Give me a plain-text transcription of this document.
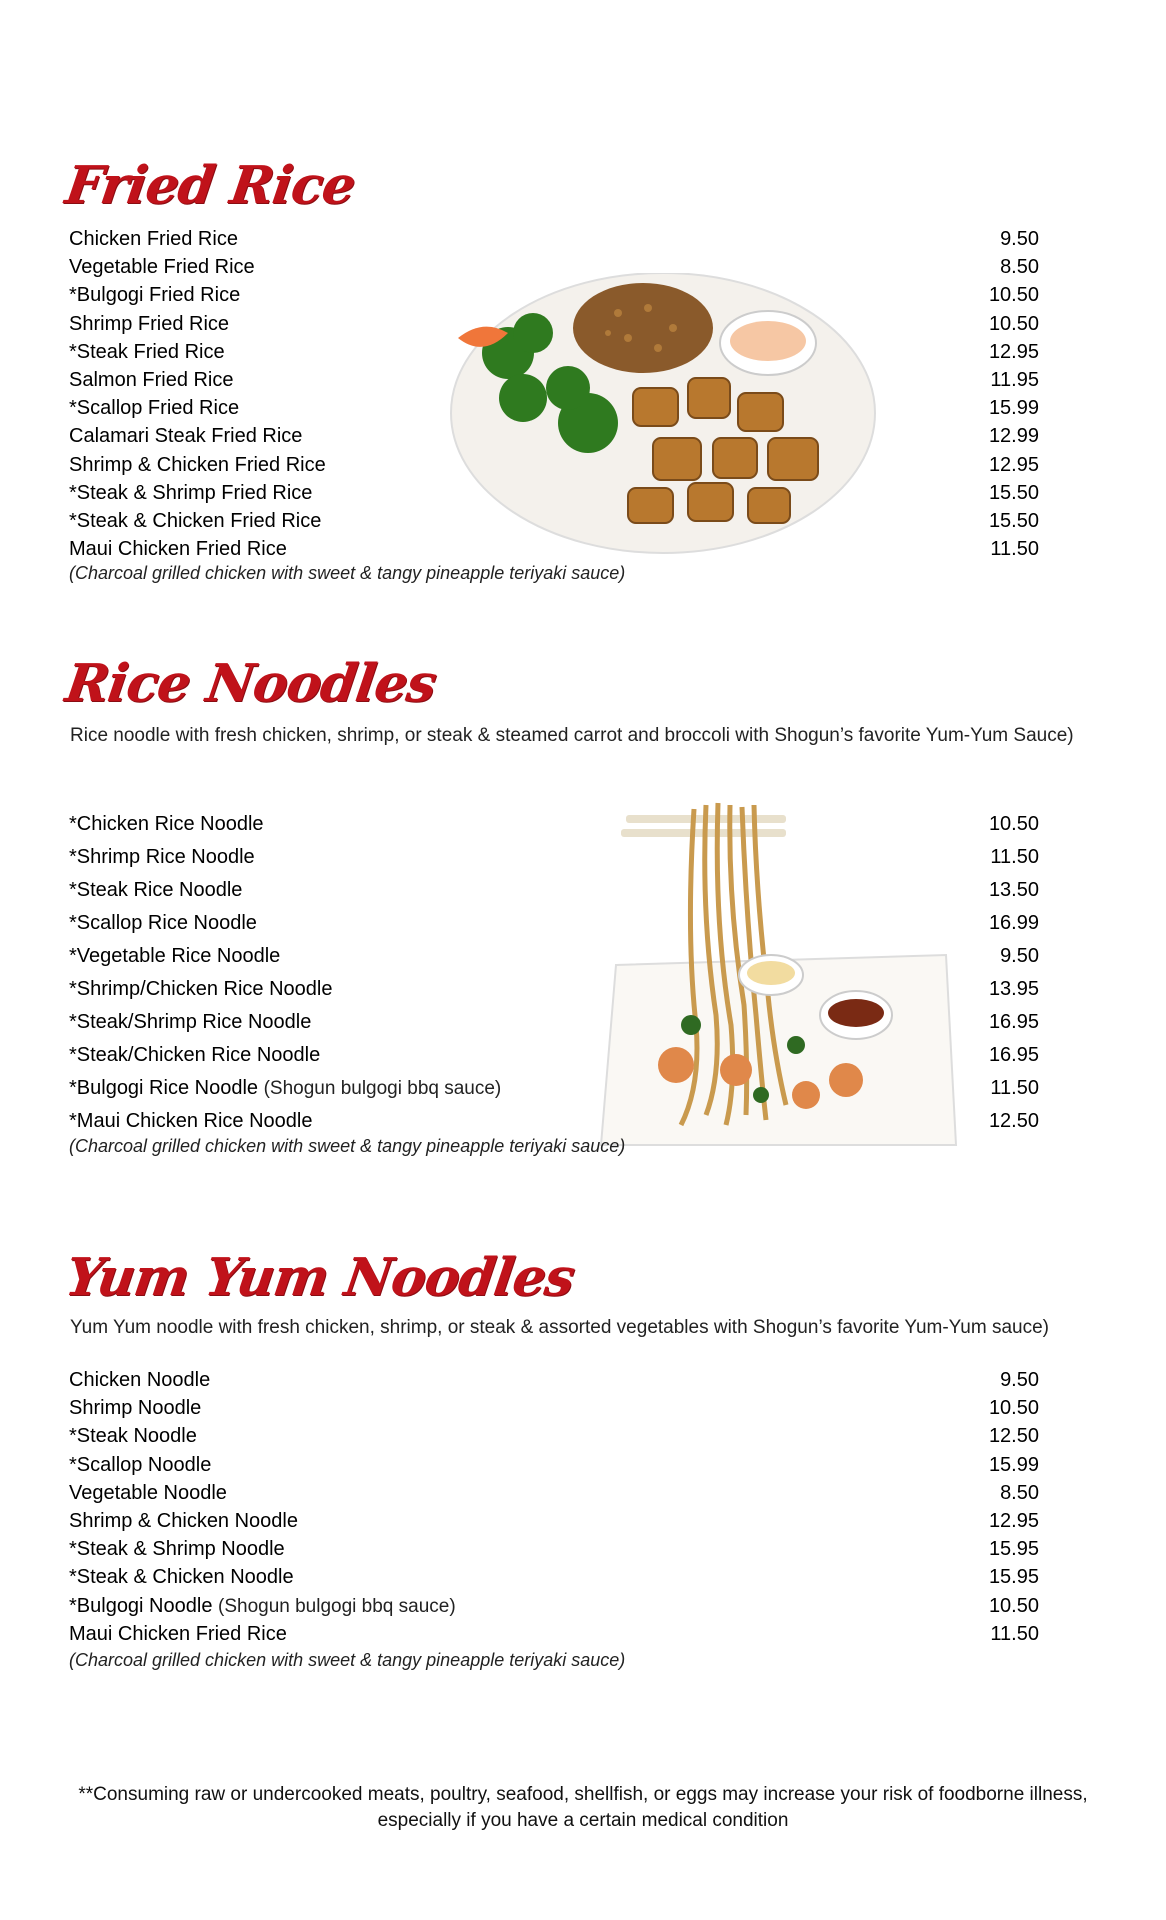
Fried Rice
Chicken Fried Rice	9.50
Vegetable Fried Rice	8.50
*Bulgogi Fried Rice	10.50
Shrimp Fried Rice	10.50
*Steak Fried Rice	12.95
Salmon Fried Rice	11.95
*Scallop Fried Rice	15.99
Calamari Steak Fried Rice	12.99
Shrimp & Chicken Fried Rice	12.95
*Steak & Shrimp Fried Rice	15.50
*Steak & Chicken Fried Rice	15.50
Maui Chicken Fried Rice	11.50
(Charcoal grilled chicken with sweet & tangy pineapple teriyaki sauce)
Rice Noodles
Rice noodle with fresh chicken, shrimp, or steak & steamed carrot and broccoli with Shogun’s favorite Yum-Yum Sauce)
*Chicken Rice Noodle	10.50
*Shrimp Rice Noodle	11.50
*Steak Rice Noodle	13.50
*Scallop Rice Noodle	16.99
*Vegetable Rice Noodle	9.50
*Shrimp/Chicken Rice Noodle	13.95
*Steak/Shrimp Rice Noodle	16.95
*Steak/Chicken Rice Noodle	16.95
*Bulgogi Rice Noodle (Shogun bulgogi bbq sauce)	11.50
*Maui Chicken Rice Noodle	12.50
(Charcoal grilled chicken with sweet & tangy pineapple teriyaki sauce)
Yum Yum Noodles
Yum Yum noodle with fresh chicken, shrimp, or steak & assorted vegetables with Shogun’s favorite Yum-Yum sauce)
Chicken Noodle	9.50
Shrimp Noodle	10.50
*Steak Noodle	12.50
*Scallop Noodle	15.99
Vegetable Noodle	8.50
Shrimp & Chicken Noodle	12.95
*Steak & Shrimp Noodle	15.95
*Steak & Chicken Noodle	15.95
*Bulgogi Noodle (Shogun bulgogi bbq sauce)	10.50
Maui Chicken Fried Rice	11.50
(Charcoal grilled chicken with sweet & tangy pineapple teriyaki sauce)
**Consuming raw or undercooked meats, poultry, seafood, shellfish, or eggs may increase your risk of foodborne illness,
especially if you have a certain medical condition
